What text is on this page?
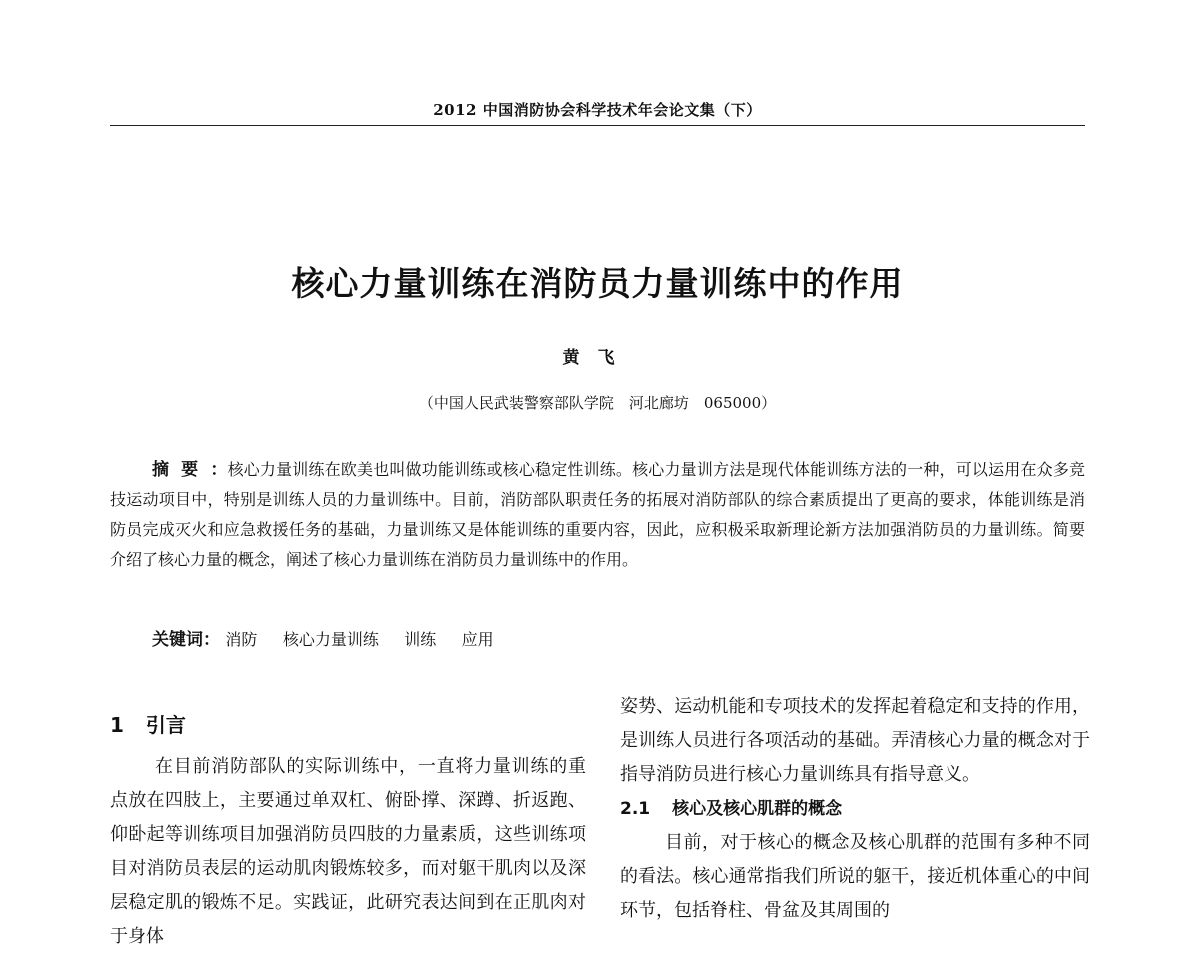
2012 中国消防协会科学技术年会论文集（下）
核心力量训练在消防员力量训练中的作用
黄飞
（中国人民武装警察部队学院　河北廊坊　065000）
摘要：核心力量训练在欧美也叫做功能训练或核心稳定性训练。核心力量训方法是现代体能训练方法的一种，可以运用在众多竞技运动项目中，特别是训练人员的力量训练中。目前，消防部队职责任务的拓展对消防部队的综合素质提出了更高的要求，体能训练是消防员完成灭火和应急救援任务的基础，力量训练又是体能训练的重要内容，因此，应积极采取新理论新方法加强消防员的力量训练。简要介绍了核心力量的概念，阐述了核心力量训练在消防员力量训练中的作用。
关键词： 消防 核心力量训练 训练 应用
1 引言

在目前消防部队的实际训练中，一直将力量训练的重点放在四肢上，主要通过单双杠、俯卧撑、深蹲、折返跑、仰卧起等训练项目加强消防员四肢的力量素质，这些训练项目对消防员表层的运动肌肉锻炼较多，而对躯干肌肉以及深层稳定肌的锻炼不足。实践证，此研究表达间到在正肌肉对于身体

姿势、运动机能和专项技术的发挥起着稳定和支持的作用，是训练人员进行各项活动的基础。弄清核心力量的概念对于指导消防员进行核心力量训练具有指导意义。

2.1 核心及核心肌群的概念

目前，对于核心的概念及核心肌群的范围有多种不同的看法。核心通常指我们所说的躯干，接近机体重心的中间环节，包括脊柱、骨盆及其周围的
